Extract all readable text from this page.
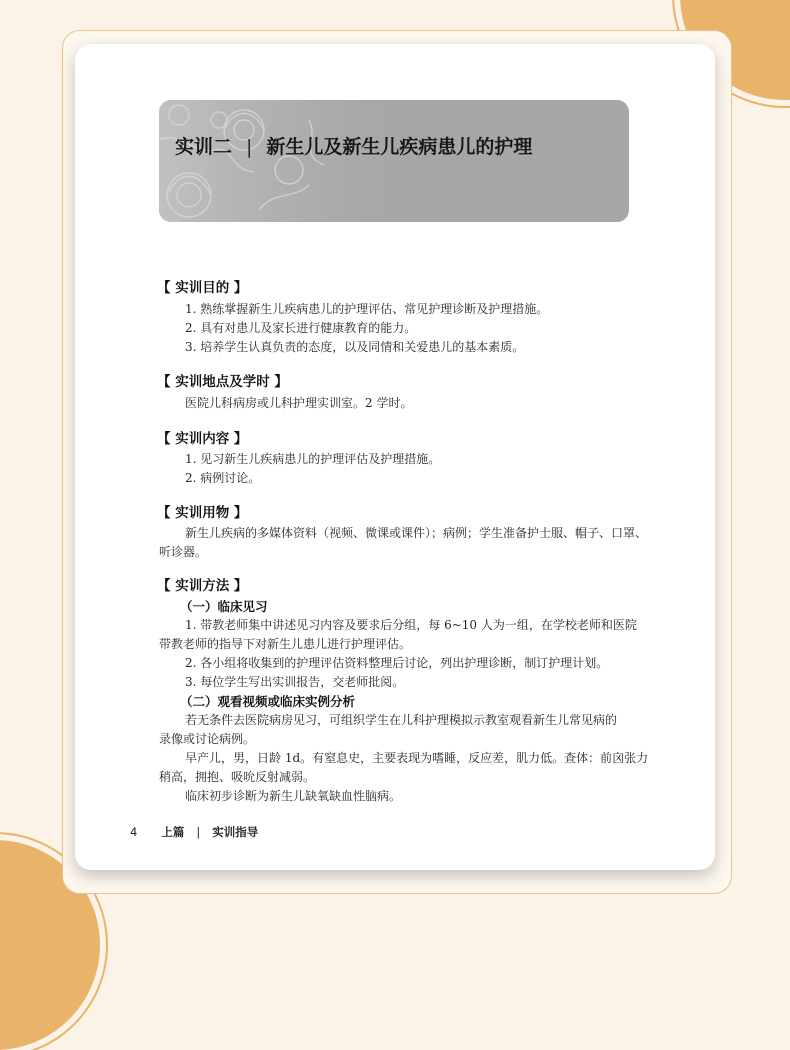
实训二 | 新生儿及新生儿疾病患儿的护理
【 实训目的 】
1. 熟练掌握新生儿疾病患儿的护理评估、常见护理诊断及护理措施。
2. 具有对患儿及家长进行健康教育的能力。
3. 培养学生认真负责的态度，以及同情和关爱患儿的基本素质。
【 实训地点及学时 】
医院儿科病房或儿科护理实训室。2 学时。
【 实训内容 】
1. 见习新生儿疾病患儿的护理评估及护理措施。
2. 病例讨论。
【 实训用物 】
新生儿疾病的多媒体资料（视频、微课或课件）；病例；学生准备护士服、帽子、口罩、
听诊器。
【 实训方法 】
（一）临床见习
1. 带教老师集中讲述见习内容及要求后分组，每 6~10 人为一组，在学校老师和医院
带教老师的指导下对新生儿患儿进行护理评估。
2. 各小组将收集到的护理评估资料整理后讨论，列出护理诊断，制订护理计划。
3. 每位学生写出实训报告，交老师批阅。
（二）观看视频或临床实例分析
若无条件去医院病房见习，可组织学生在儿科护理模拟示教室观看新生儿常见病的
录像或讨论病例。
早产儿，男，日龄 1d。有窒息史，主要表现为嗜睡，反应差，肌力低。查体：前囟张力
稍高，拥抱、吸吮反射减弱。
临床初步诊断为新生儿缺氧缺血性脑病。
4 上篇 | 实训指导
